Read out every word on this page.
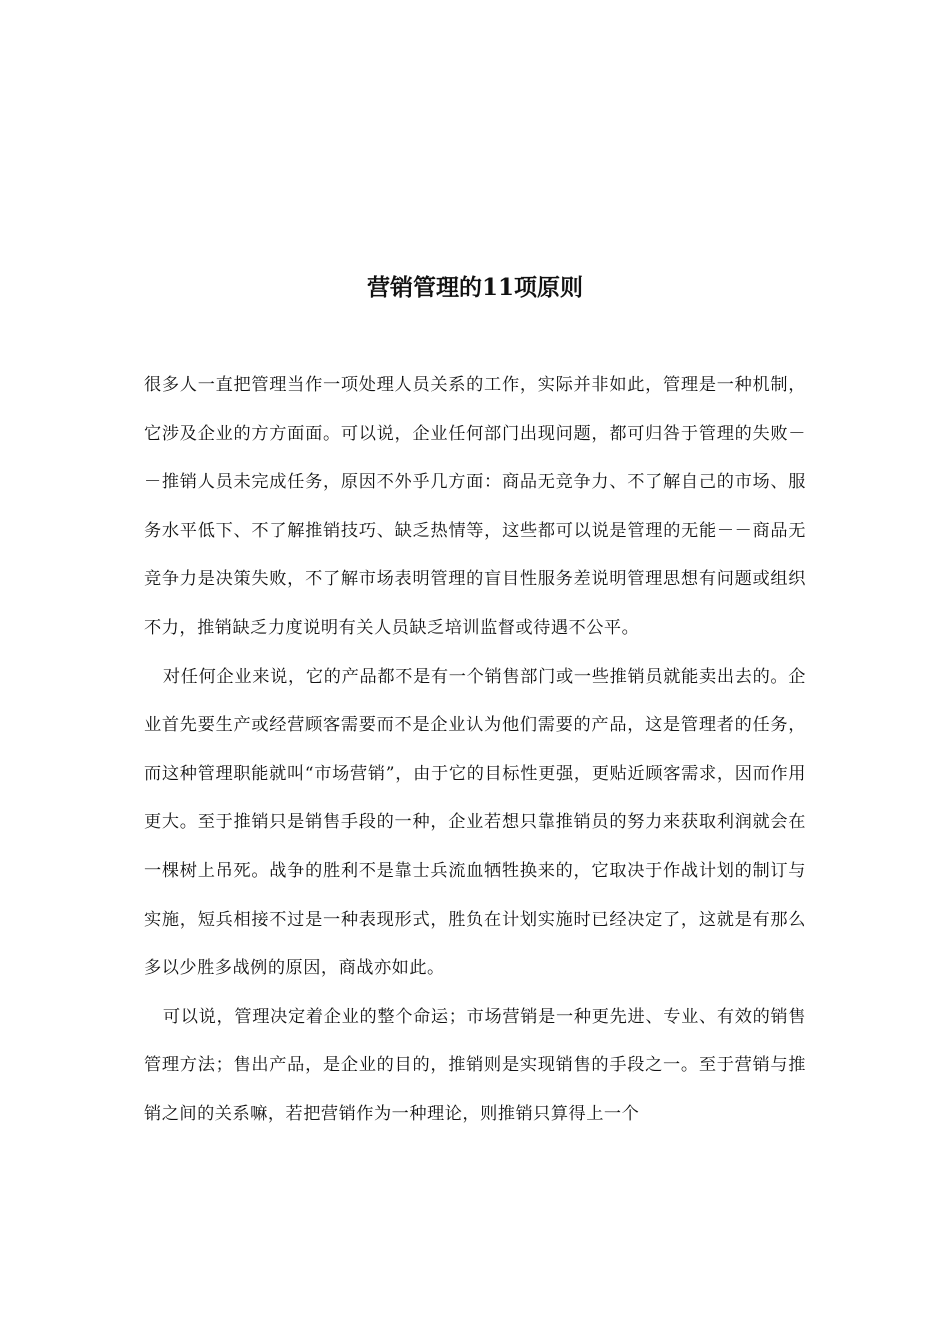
营销管理的11项原则

很多人一直把管理当作一项处理人员关系的工作，实际并非如此，管理是一种机制，它涉及企业的方方面面。可以说，企业任何部门出现问题，都可归咎于管理的失败－－推销人员未完成任务，原因不外乎几方面：商品无竞争力、不了解自己的市场、服务水平低下、不了解推销技巧、缺乏热情等，这些都可以说是管理的无能－－商品无竞争力是决策失败，不了解市场表明管理的盲目性服务差说明管理思想有问题或组织不力，推销缺乏力度说明有关人员缺乏培训监督或待遇不公平。

对任何企业来说，它的产品都不是有一个销售部门或一些推销员就能卖出去的。企业首先要生产或经营顾客需要而不是企业认为他们需要的产品，这是管理者的任务，而这种管理职能就叫“市场营销”，由于它的目标性更强，更贴近顾客需求，因而作用更大。至于推销只是销售手段的一种，企业若想只靠推销员的努力来获取利润就会在一棵树上吊死。战争的胜利不是靠士兵流血牺牲换来的，它取决于作战计划的制订与实施，短兵相接不过是一种表现形式，胜负在计划实施时已经决定了，这就是有那么多以少胜多战例的原因，商战亦如此。

可以说，管理决定着企业的整个命运；市场营销是一种更先进、专业、有效的销售管理方法；售出产品，是企业的目的，推销则是实现销售的手段之一。至于营销与推销之间的关系嘛，若把营销作为一种理论，则推销只算得上一个
